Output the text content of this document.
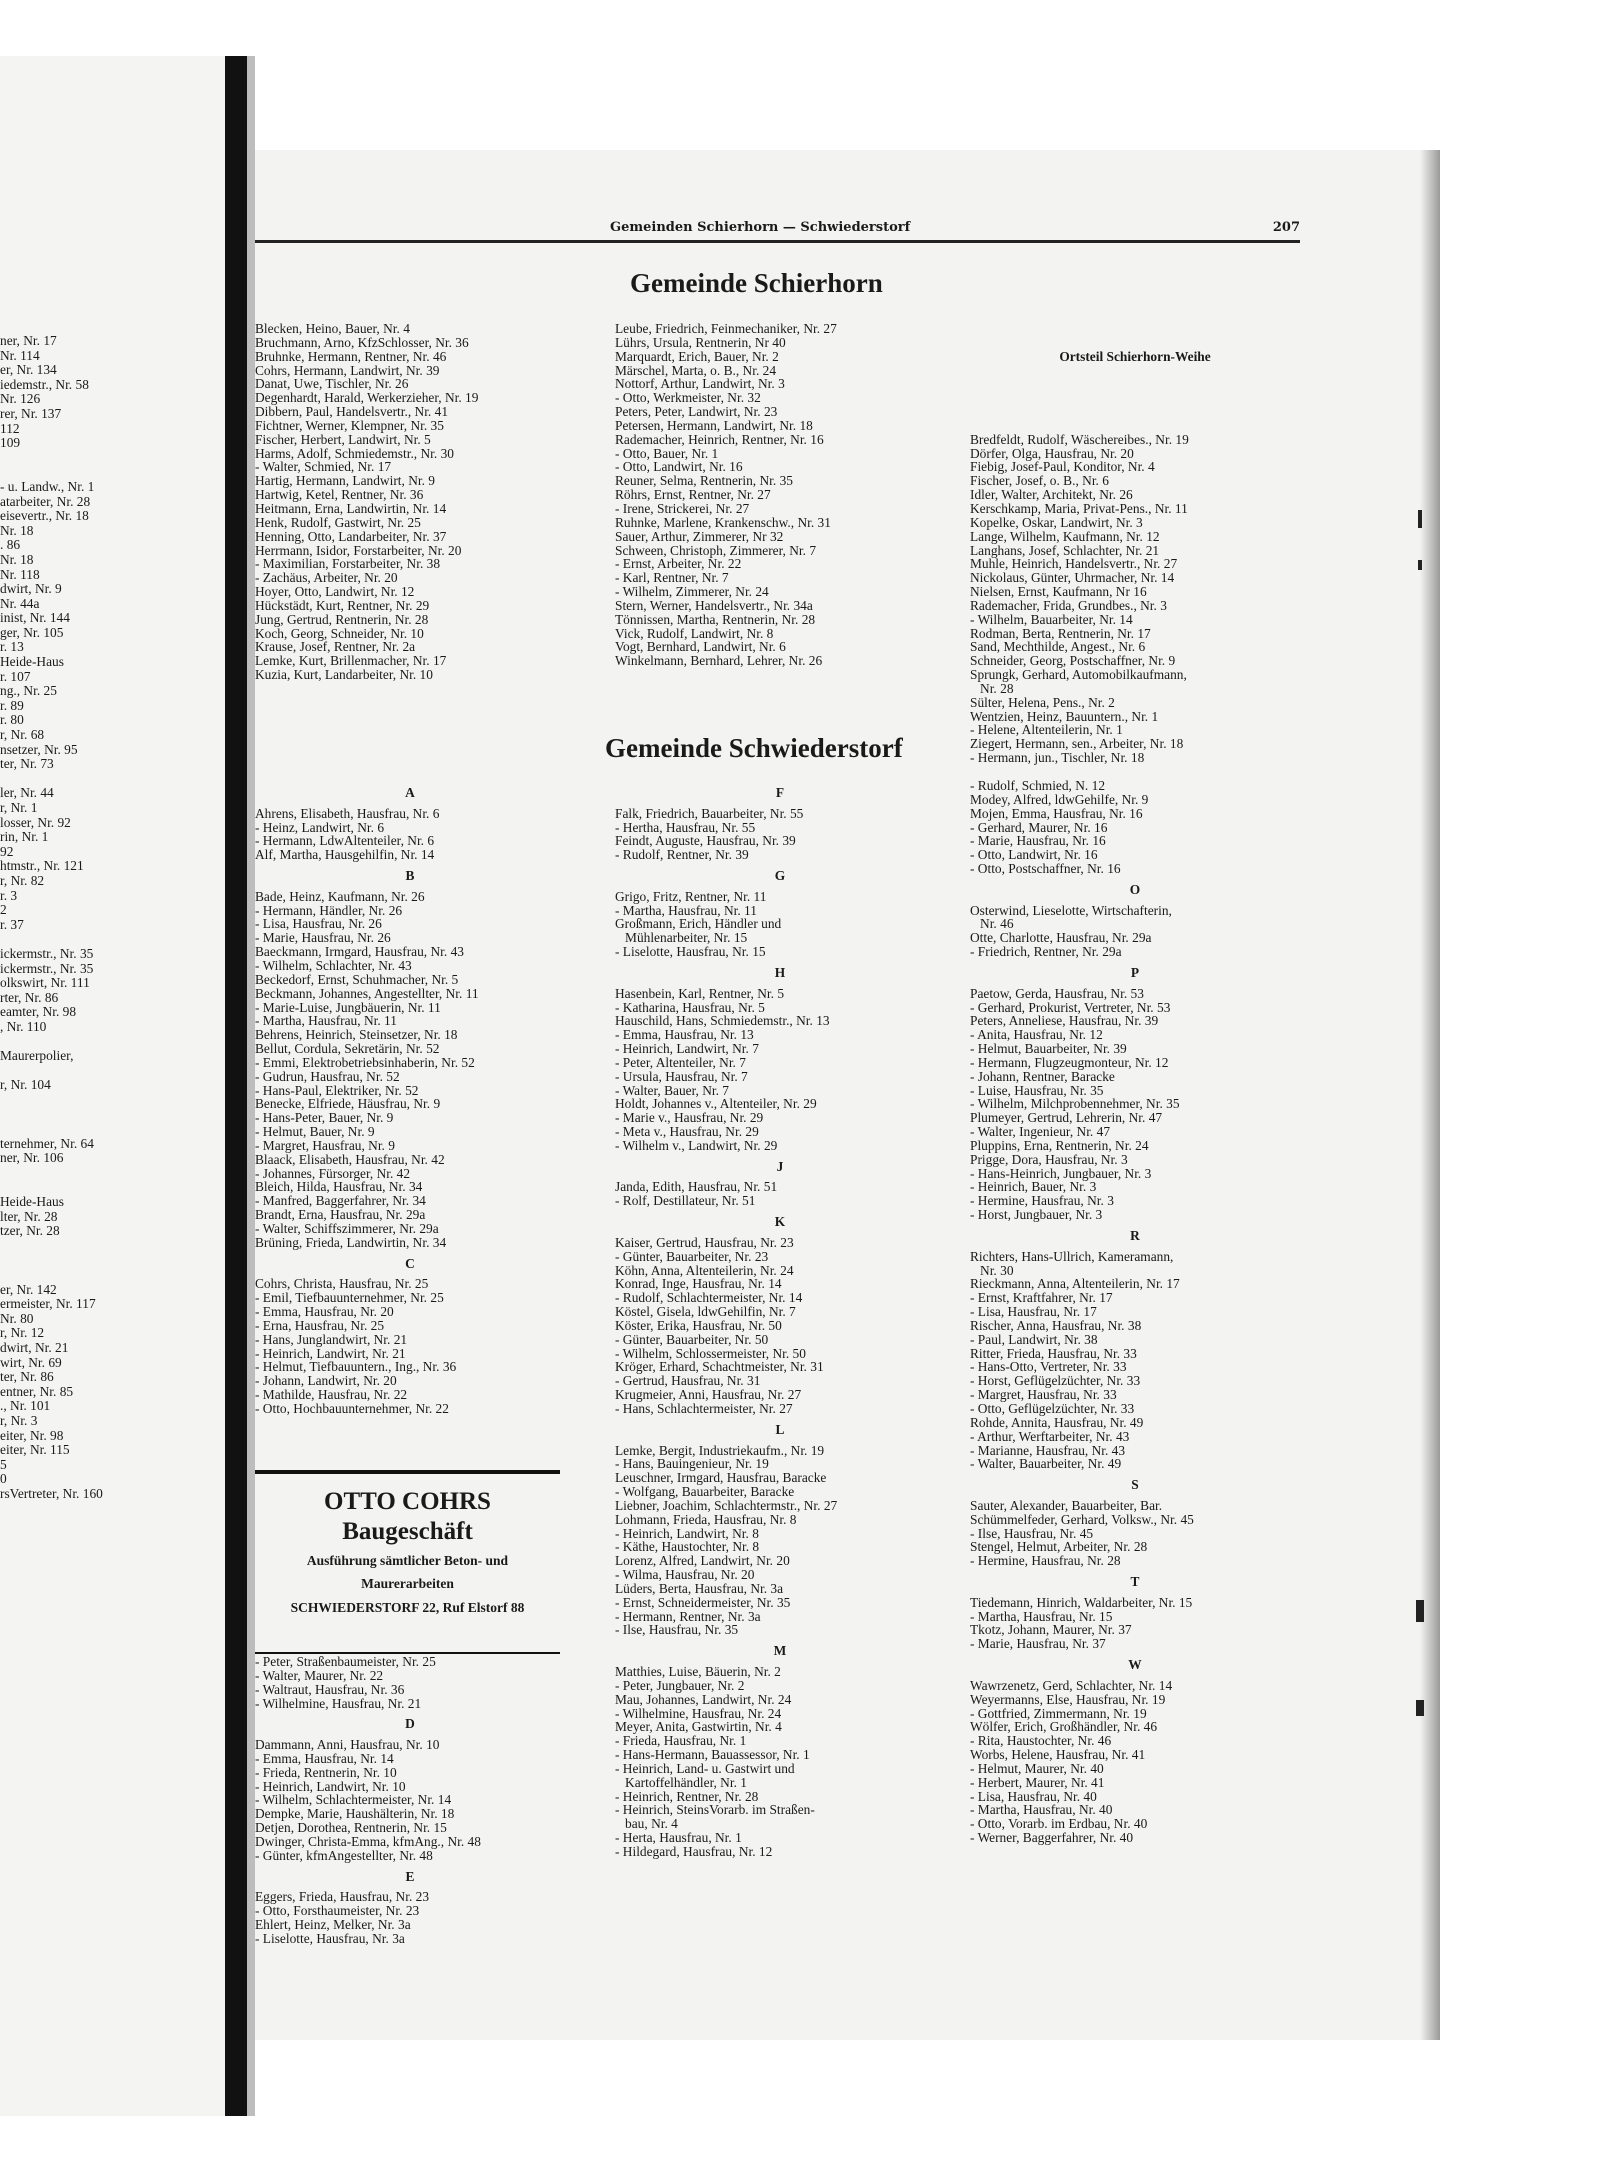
ner, Nr. 17
Nr. 114
er, Nr. 134
iedemstr., Nr. 58
Nr. 126
rer, Nr. 137
112
109
- u. Landw., Nr. 1
atarbeiter, Nr. 28
eisevertr., Nr. 18
Nr. 18
. 86
Nr. 18
Nr. 118
dwirt, Nr. 9
Nr. 44a
inist, Nr. 144
ger, Nr. 105
r. 13
Heide-Haus
r. 107
ng., Nr. 25
r. 89
r. 80
r, Nr. 68
nsetzer, Nr. 95
ter, Nr. 73
ler, Nr. 44
r, Nr. 1
losser, Nr. 92
rin, Nr. 1
92
htmstr., Nr. 121
r, Nr. 82
r. 3
2
r. 37
ickermstr., Nr. 35
ickermstr., Nr. 35
olkswirt, Nr. 111
rter, Nr. 86
eamter, Nr. 98
, Nr. 110
Maurerpolier,
r, Nr. 104
ternehmer, Nr. 64
ner, Nr. 106
Heide-Haus
lter, Nr. 28
tzer, Nr. 28
er, Nr. 142
ermeister, Nr. 117
Nr. 80
r, Nr. 12
dwirt, Nr. 21
wirt, Nr. 69
ter, Nr. 86
entner, Nr. 85
., Nr. 101
r, Nr. 3
eiter, Nr. 98
eiter, Nr. 115
5
0
rsVertreter, Nr. 160
Gemeinden Schierhorn — Schwiederstorf	207
Gemeinde Schierhorn
Blecken, Heino, Bauer, Nr. 4
Bruchmann, Arno, KfzSchlosser, Nr. 36
Bruhnke, Hermann, Rentner, Nr. 46
Cohrs, Hermann, Landwirt, Nr. 39
Danat, Uwe, Tischler, Nr. 26
Degenhardt, Harald, Werkerzieher, Nr. 19
Dibbern, Paul, Handelsvertr., Nr. 41
Fichtner, Werner, Klempner, Nr. 35
Fischer, Herbert, Landwirt, Nr. 5
Harms, Adolf, Schmiedemstr., Nr. 30
- Walter, Schmied, Nr. 17
Hartig, Hermann, Landwirt, Nr. 9
Hartwig, Ketel, Rentner, Nr. 36
Heitmann, Erna, Landwirtin, Nr. 14
Henk, Rudolf, Gastwirt, Nr. 25
Henning, Otto, Landarbeiter, Nr. 37
Herrmann, Isidor, Forstarbeiter, Nr. 20
- Maximilian, Forstarbeiter, Nr. 38
- Zachäus, Arbeiter, Nr. 20
Hoyer, Otto, Landwirt, Nr. 12
Hückstädt, Kurt, Rentner, Nr. 29
Jung, Gertrud, Rentnerin, Nr. 28
Koch, Georg, Schneider, Nr. 10
Krause, Josef, Rentner, Nr. 2a
Lemke, Kurt, Brillenmacher, Nr. 17
Kuzia, Kurt, Landarbeiter, Nr. 10
Leube, Friedrich, Feinmechaniker, Nr. 27
Lührs, Ursula, Rentnerin, Nr 40
Marquardt, Erich, Bauer, Nr. 2
Märschel, Marta, o. B., Nr. 24
Nottorf, Arthur, Landwirt, Nr. 3
- Otto, Werkmeister, Nr. 32
Peters, Peter, Landwirt, Nr. 23
Petersen, Hermann, Landwirt, Nr. 18
Rademacher, Heinrich, Rentner, Nr. 16
- Otto, Bauer, Nr. 1
- Otto, Landwirt, Nr. 16
Reuner, Selma, Rentnerin, Nr. 35
Röhrs, Ernst, Rentner, Nr. 27
- Irene, Strickerei, Nr. 27
Ruhnke, Marlene, Krankenschw., Nr. 31
Sauer, Arthur, Zimmerer, Nr 32
Schween, Christoph, Zimmerer, Nr. 7
- Ernst, Arbeiter, Nr. 22
- Karl, Rentner, Nr. 7
- Wilhelm, Zimmerer, Nr. 24
Stern, Werner, Handelsvertr., Nr. 34a
Tönnissen, Martha, Rentnerin, Nr. 28
Vick, Rudolf, Landwirt, Nr. 8
Vogt, Bernhard, Landwirt, Nr. 6
Winkelmann, Bernhard, Lehrer, Nr. 26

Ortsteil Schierhorn-Weihe

Bredfeldt, Rudolf, Wäschereibes., Nr. 19
Dörfer, Olga, Hausfrau, Nr. 20
Fiebig, Josef-Paul, Konditor, Nr. 4
Fischer, Josef, o. B., Nr. 6
Idler, Walter, Architekt, Nr. 26
Kerschkamp, Maria, Privat-Pens., Nr. 11
Kopelke, Oskar, Landwirt, Nr. 3
Lange, Wilhelm, Kaufmann, Nr. 12
Langhans, Josef, Schlachter, Nr. 21
Muhle, Heinrich, Handelsvertr., Nr. 27
Nickolaus, Günter, Uhrmacher, Nr. 14
Nielsen, Ernst, Kaufmann, Nr 16
Rademacher, Frida, Grundbes., Nr. 3
- Wilhelm, Bauarbeiter, Nr. 14
Rodman, Berta, Rentnerin, Nr. 17
Sand, Mechthilde, Angest., Nr. 6
Schneider, Georg, Postschaffner, Nr. 9
Sprungk, Gerhard, Automobilkaufmann,
Nr. 28
Sülter, Helena, Pens., Nr. 2
Wentzien, Heinz, Bauuntern., Nr. 1
- Helene, Altenteilerin, Nr. 1
Ziegert, Hermann, sen., Arbeiter, Nr. 18
- Hermann, jun., Tischler, Nr. 18

Gemeinde Schwiederstorf
A
Ahrens, Elisabeth, Hausfrau, Nr. 6
- Heinz, Landwirt, Nr. 6
- Hermann, LdwAltenteiler, Nr. 6
Alf, Martha, Hausgehilfin, Nr. 14
B
Bade, Heinz, Kaufmann, Nr. 26
- Hermann, Händler, Nr. 26
- Lisa, Hausfrau, Nr. 26
- Marie, Hausfrau, Nr. 26
Baeckmann, Irmgard, Hausfrau, Nr. 43
- Wilhelm, Schlachter, Nr. 43
Beckedorf, Ernst, Schuhmacher, Nr. 5
Beckmann, Johannes, Angestellter, Nr. 11
- Marie-Luise, Jungbäuerin, Nr. 11
- Martha, Hausfrau, Nr. 11
Behrens, Heinrich, Steinsetzer, Nr. 18
Bellut, Cordula, Sekretärin, Nr. 52
- Emmi, Elektrobetriebsinhaberin, Nr. 52
- Gudrun, Hausfrau, Nr. 52
- Hans-Paul, Elektriker, Nr. 52
Benecke, Elfriede, Häusfrau, Nr. 9
- Hans-Peter, Bauer, Nr. 9
- Helmut, Bauer, Nr. 9
- Margret, Hausfrau, Nr. 9
Blaack, Elisabeth, Hausfrau, Nr. 42
- Johannes, Fürsorger, Nr. 42
Bleich, Hilda, Hausfrau, Nr. 34
- Manfred, Baggerfahrer, Nr. 34
Brandt, Erna, Hausfrau, Nr. 29a
- Walter, Schiffszimmerer, Nr. 29a
Brüning, Frieda, Landwirtin, Nr. 34
C
Cohrs, Christa, Hausfrau, Nr. 25
- Emil, Tiefbauunternehmer, Nr. 25
- Emma, Hausfrau, Nr. 20
- Erna, Hausfrau, Nr. 25
- Hans, Junglandwirt, Nr. 21
- Heinrich, Landwirt, Nr. 21
- Helmut, Tiefbauuntern., Ing., Nr. 36
- Johann, Landwirt, Nr. 20
- Mathilde, Hausfrau, Nr. 22
- Otto, Hochbauunternehmer, Nr. 22
OTTO COHRS
Baugeschäft
Ausführung sämtlicher Beton- und
Maurerarbeiten
SCHWIEDERSTORF 22, Ruf Elstorf 88
- Peter, Straßenbaumeister, Nr. 25
- Walter, Maurer, Nr. 22
- Waltraut, Hausfrau, Nr. 36
- Wilhelmine, Hausfrau, Nr. 21
D
Dammann, Anni, Hausfrau, Nr. 10
- Emma, Hausfrau, Nr. 14
- Frieda, Rentnerin, Nr. 10
- Heinrich, Landwirt, Nr. 10
- Wilhelm, Schlachtermeister, Nr. 14
Dempke, Marie, Haushälterin, Nr. 18
Detjen, Dorothea, Rentnerin, Nr. 15
Dwinger, Christa-Emma, kfmAng., Nr. 48
- Günter, kfmAngestellter, Nr. 48
E
Eggers, Frieda, Hausfrau, Nr. 23
- Otto, Forsthaumeister, Nr. 23
Ehlert, Heinz, Melker, Nr. 3a
- Liselotte, Hausfrau, Nr. 3a
F
Falk, Friedrich, Bauarbeiter, Nr. 55
- Hertha, Hausfrau, Nr. 55
Feindt, Auguste, Hausfrau, Nr. 39
- Rudolf, Rentner, Nr. 39
G
Grigo, Fritz, Rentner, Nr. 11
- Martha, Hausfrau, Nr. 11
Großmann, Erich, Händler und
Mühlenarbeiter, Nr. 15
- Liselotte, Hausfrau, Nr. 15
H
Hasenbein, Karl, Rentner, Nr. 5
- Katharina, Hausfrau, Nr. 5
Hauschild, Hans, Schmiedemstr., Nr. 13
- Emma, Hausfrau, Nr. 13
- Heinrich, Landwirt, Nr. 7
- Peter, Altenteiler, Nr. 7
- Ursula, Hausfrau, Nr. 7
- Walter, Bauer, Nr. 7
Holdt, Johannes v., Altenteiler, Nr. 29
- Marie v., Hausfrau, Nr. 29
- Meta v., Hausfrau, Nr. 29
- Wilhelm v., Landwirt, Nr. 29
J
Janda, Edith, Hausfrau, Nr. 51
- Rolf, Destillateur, Nr. 51
K
Kaiser, Gertrud, Hausfrau, Nr. 23
- Günter, Bauarbeiter, Nr. 23
Köhn, Anna, Altenteilerin, Nr. 24
Konrad, Inge, Hausfrau, Nr. 14
- Rudolf, Schlachtermeister, Nr. 14
Köstel, Gisela, ldwGehilfin, Nr. 7
Köster, Erika, Hausfrau, Nr. 50
- Günter, Bauarbeiter, Nr. 50
- Wilhelm, Schlossermeister, Nr. 50
Kröger, Erhard, Schachtmeister, Nr. 31
- Gertrud, Hausfrau, Nr. 31
Krugmeier, Anni, Hausfrau, Nr. 27
- Hans, Schlachtermeister, Nr. 27
L
Lemke, Bergit, Industriekaufm., Nr. 19
- Hans, Bauingenieur, Nr. 19
Leuschner, Irmgard, Hausfrau, Baracke
- Wolfgang, Bauarbeiter, Baracke
Liebner, Joachim, Schlachtermstr., Nr. 27
Lohmann, Frieda, Hausfrau, Nr. 8
- Heinrich, Landwirt, Nr. 8
- Käthe, Haustochter, Nr. 8
Lorenz, Alfred, Landwirt, Nr. 20
- Wilma, Hausfrau, Nr. 20
Lüders, Berta, Hausfrau, Nr. 3a
- Ernst, Schneidermeister, Nr. 35
- Hermann, Rentner, Nr. 3a
- Ilse, Hausfrau, Nr. 35
M
Matthies, Luise, Bäuerin, Nr. 2
- Peter, Jungbauer, Nr. 2
Mau, Johannes, Landwirt, Nr. 24
- Wilhelmine, Hausfrau, Nr. 24
Meyer, Anita, Gastwirtin, Nr. 4
- Frieda, Hausfrau, Nr. 1
- Hans-Hermann, Bauassessor, Nr. 1
- Heinrich, Land- u. Gastwirt und
Kartoffelhändler, Nr. 1
- Heinrich, Rentner, Nr. 28
- Heinrich, SteinsVorarb. im Straßen-
bau, Nr. 4
- Herta, Hausfrau, Nr. 1
- Hildegard, Hausfrau, Nr. 12
- Rudolf, Schmied, N. 12
Modey, Alfred, ldwGehilfe, Nr. 9
Mojen, Emma, Hausfrau, Nr. 16
- Gerhard, Maurer, Nr. 16
- Marie, Hausfrau, Nr. 16
- Otto, Landwirt, Nr. 16
- Otto, Postschaffner, Nr. 16
O
Osterwind, Lieselotte, Wirtschafterin,
Nr. 46
Otte, Charlotte, Hausfrau, Nr. 29a
- Friedrich, Rentner, Nr. 29a
P
Paetow, Gerda, Hausfrau, Nr. 53
- Gerhard, Prokurist, Vertreter, Nr. 53
Peters, Anneliese, Hausfrau, Nr. 39
- Anita, Hausfrau, Nr. 12
- Helmut, Bauarbeiter, Nr. 39
- Hermann, Flugzeugmonteur, Nr. 12
- Johann, Rentner, Baracke
- Luise, Hausfrau, Nr. 35
- Wilhelm, Milchprobennehmer, Nr. 35
Plumeyer, Gertrud, Lehrerin, Nr. 47
- Walter, Ingenieur, Nr. 47
Pluppins, Erna, Rentnerin, Nr. 24
Prigge, Dora, Hausfrau, Nr. 3
- Hans-Heinrich, Jungbauer, Nr. 3
- Heinrich, Bauer, Nr. 3
- Hermine, Hausfrau, Nr. 3
- Horst, Jungbauer, Nr. 3
R
Richters, Hans-Ullrich, Kameramann,
Nr. 30
Rieckmann, Anna, Altenteilerin, Nr. 17
- Ernst, Kraftfahrer, Nr. 17
- Lisa, Hausfrau, Nr. 17
Rischer, Anna, Hausfrau, Nr. 38
- Paul, Landwirt, Nr. 38
Ritter, Frieda, Hausfrau, Nr. 33
- Hans-Otto, Vertreter, Nr. 33
- Horst, Geflügelzüchter, Nr. 33
- Margret, Hausfrau, Nr. 33
- Otto, Geflügelzüchter, Nr. 33
Rohde, Annita, Hausfrau, Nr. 49
- Arthur, Werftarbeiter, Nr. 43
- Marianne, Hausfrau, Nr. 43
- Walter, Bauarbeiter, Nr. 49
S
Sauter, Alexander, Bauarbeiter, Bar.
Schümmelfeder, Gerhard, Volksw., Nr. 45
- Ilse, Hausfrau, Nr. 45
Stengel, Helmut, Arbeiter, Nr. 28
- Hermine, Hausfrau, Nr. 28
T
Tiedemann, Hinrich, Waldarbeiter, Nr. 15
- Martha, Hausfrau, Nr. 15
Tkotz, Johann, Maurer, Nr. 37
- Marie, Hausfrau, Nr. 37
W
Wawrzenetz, Gerd, Schlachter, Nr. 14
Weyermanns, Else, Hausfrau, Nr. 19
- Gottfried, Zimmermann, Nr. 19
Wölfer, Erich, Großhändler, Nr. 46
- Rita, Haustochter, Nr. 46
Worbs, Helene, Hausfrau, Nr. 41
- Helmut, Maurer, Nr. 40
- Herbert, Maurer, Nr. 41
- Lisa, Hausfrau, Nr. 40
- Martha, Hausfrau, Nr. 40
- Otto, Vorarb. im Erdbau, Nr. 40
- Werner, Baggerfahrer, Nr. 40
